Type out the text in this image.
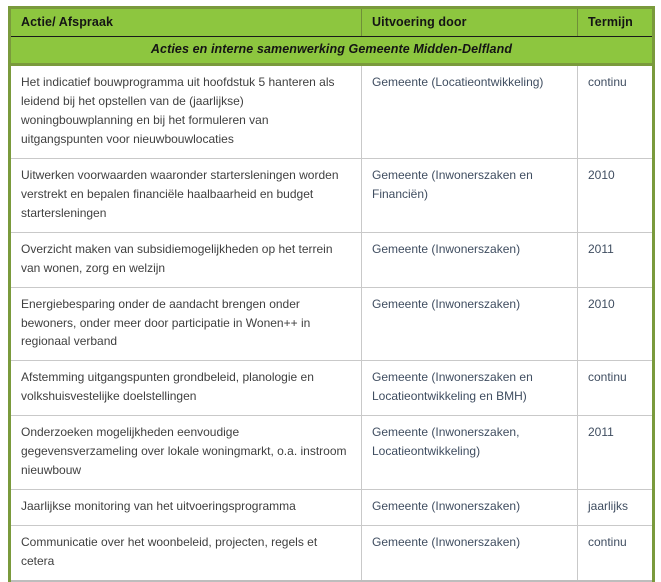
Actie/ Afspraak	Uitvoering door	Termijn
Acties en interne samenwerking Gemeente Midden-Delfland		
Het indicatief bouwprogramma uit hoofdstuk 5 hanteren als leidend bij het opstellen van de (jaarlijkse) woningbouwplanning en bij het formuleren van uitgangspunten voor nieuwbouwlocaties	Gemeente (Locatieontwikkeling)	continu
Uitwerken voorwaarden waaronder startersleningen worden verstrekt en bepalen financiële haalbaarheid en budget startersleningen	Gemeente (Inwonerszaken en Financiën)	2010
Overzicht maken van subsidiemogelijkheden op het terrein van wonen, zorg en welzijn	Gemeente (Inwonerszaken)	2011
Energiebesparing onder de aandacht brengen onder bewoners, onder meer door participatie in Wonen++ in regionaal verband	Gemeente (Inwonerszaken)	2010
Afstemming uitgangspunten grondbeleid, planologie en volkshuisvestelijke doelstellingen	Gemeente (Inwonerszaken en Locatieontwikkeling en BMH)	continu
Onderzoeken mogelijkheden eenvoudige gegevensverzameling over lokale woningmarkt, o.a. instroom nieuwbouw	Gemeente (Inwonerszaken, Locatieontwikkeling)	2011
Jaarlijkse monitoring van het uitvoeringsprogramma	Gemeente (Inwonerszaken)	jaarlijks
Communicatie over het woonbeleid, projecten, regels et cetera	Gemeente (Inwonerszaken)	continu
